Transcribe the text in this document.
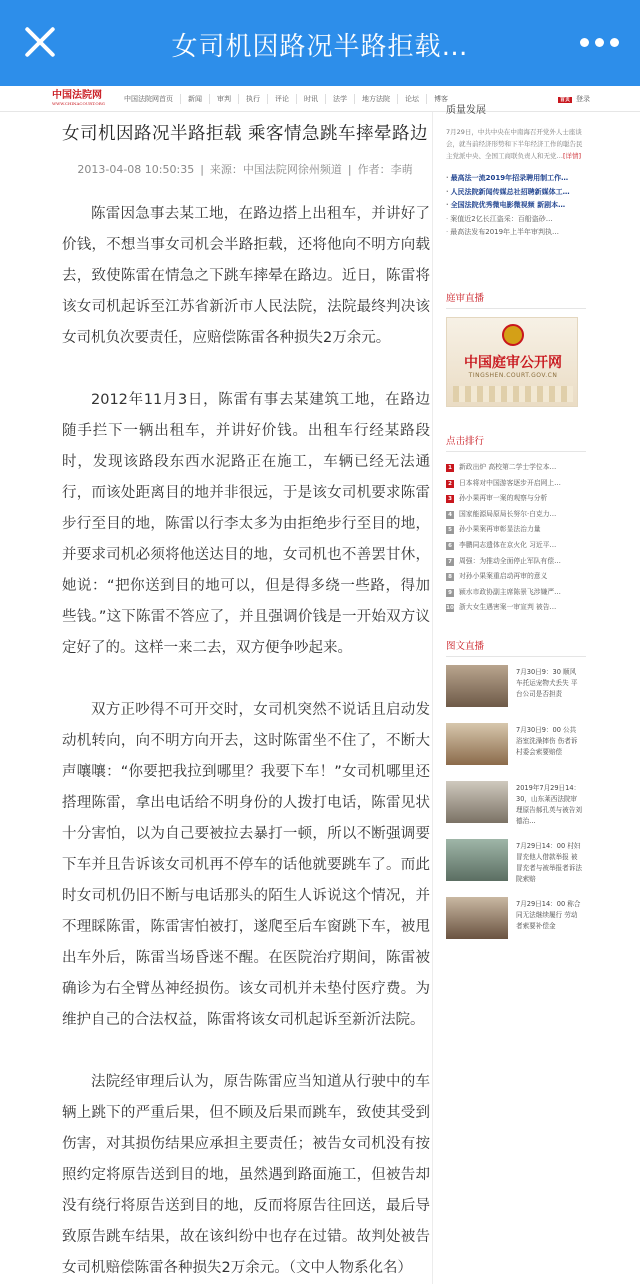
女司机因路况半路拒载…
中国法院网
WWW.CHINACOURT.ORG
中国法院网首页 新闻 审判 执行 评论 时讯 法学 地方法院 论坛 博客	首页 登录
女司机因路况半路拒载 乘客情急跳车摔晕路边
2013-04-08 10:50:35 | 来源：中国法院网徐州频道 | 作者：李萌

陈雷因急事去某工地，在路边搭上出租车，并讲好了价钱，不想当事女司机会半路拒载，还将他向不明方向载去，致使陈雷在情急之下跳车摔晕在路边。近日，陈雷将该女司机起诉至江苏省新沂市人民法院，法院最终判决该女司机负次要责任，应赔偿陈雷各种损失2万余元。

2012年11月3日，陈雷有事去某建筑工地，在路边随手拦下一辆出租车，并讲好价钱。出租车行经某路段时，发现该路段东西水泥路正在施工，车辆已经无法通行，而该处距离目的地并非很远，于是该女司机要求陈雷步行至目的地，陈雷以行李太多为由拒绝步行至目的地，并要求司机必须将他送达目的地，女司机也不善罢甘休，她说：“把你送到目的地可以，但是得多绕一些路，得加些钱。”这下陈雷不答应了，并且强调价钱是一开始双方议定好了的。这样一来二去，双方便争吵起来。

双方正吵得不可开交时，女司机突然不说话且启动发动机转向，向不明方向开去，这时陈雷坐不住了，不断大声嚷嚷：“你要把我拉到哪里？我要下车！”女司机哪里还搭理陈雷，拿出电话给不明身份的人拨打电话，陈雷见状十分害怕，以为自己要被拉去暴打一顿，所以不断强调要下车并且告诉该女司机再不停车的话他就要跳车了。而此时女司机仍旧不断与电话那头的陌生人诉说这个情况，并不理睬陈雷，陈雷害怕被打，遂爬至后车窗跳下车，被甩出车外后，陈雷当场昏迷不醒。在医院治疗期间，陈雷被确诊为右全臂丛神经损伤。该女司机并未垫付医疗费。为维护自己的合法权益，陈雷将该女司机起诉至新沂法院。

法院经审理后认为，原告陈雷应当知道从行驶中的车辆上跳下的严重后果，但不顾及后果而跳车，致使其受到伤害，对其损伤结果应承担主要责任；被告女司机没有按照约定将原告送到目的地，虽然遇到路面施工，但被告却没有绕行将原告送到目的地，反而将原告往回送，最后导致原告跳车结果，故在该纠纷中也存在过错。故判处被告女司机赔偿陈雷各种损失2万余元。（文中人物系化名）

质量发展
7月29日，中共中央在中南海召开党外人士座谈会，就当前经济形势和下半年经济工作的聪告民主党派中央、全国工商联负责人和无党…[详情]
· 最高法一流2019年招录聘用制工作…
· 人民法院新闻传媒总社招聘新媒体工…
· 全国法院优秀微电影微视频 新剧本…
· 案值近2亿长江盗采：百船盗砂…
· 最高法发布2019年上半年审判执…
庭审直播
中国庭审公开网
TINGSHEN.COURT.GOV.CN
点击排行
1 新政出炉 高校第二学士学位本…
2 日本将对中国游客逐步开启网上…
3 孙小果再审一案的观察与分析
4 国家能源局原局长努尔·白克力…
5 孙小果案再审彰显法治力量
6 李鹏同志遗体在京火化 习近平…
7 周强：为推动全面停止军队有偿…
8 对孙小果案重启动再审的意义
9 颍水市政协副主席陈景飞涉嫌严…
10 浙大女生遇害案一审宣判 被告…
图文直播
7月30日9：30 顺风车托运宠物犬丢失 平台公司是否担责
7月30日9：00 公共浴室洗澡摔伤 伤者诉村委会索要赔偿
2019年7月29日14：30，山东莱西法院审理原告郝孔英与被告刘德治…
7月29日14：00 村妇冒充他人借款举报 被冒充者与被举报者诉法院索赔
7月29日14：00 称合同无法继续履行 劳动者索要补偿金
